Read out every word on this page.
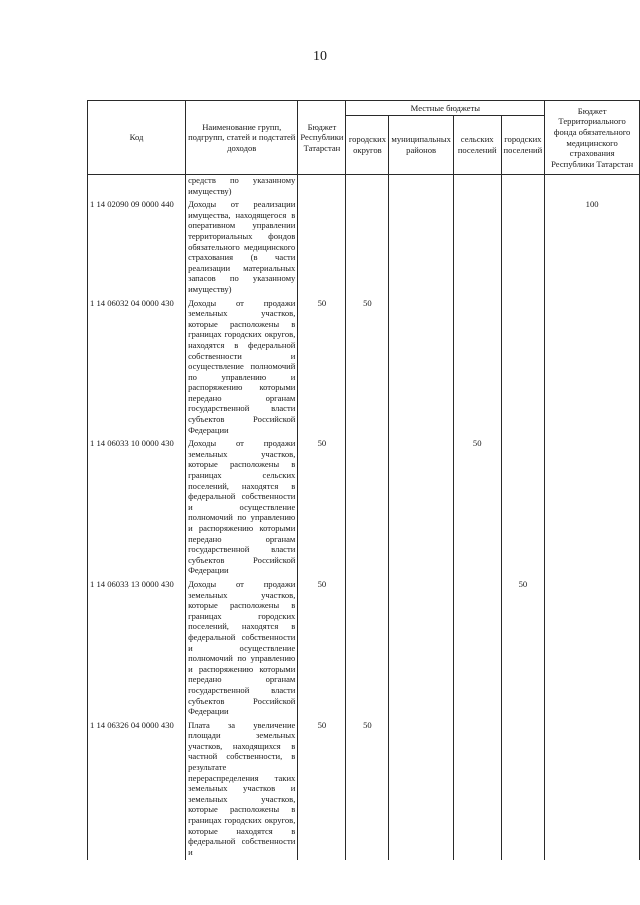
10
Код	Наименование групп, подгрупп, статей и подстатей доходов	Бюджет Республики Татарстан	Местные бюджеты				Бюджет Территориального фонда обязательного медицинского страхования Республики Татарстан
			городских округов	муниципальных районов	сельских поселений	городских поселений	
	средств по указанному имуществу)						
1 14 02090 09 0000 440	Доходы от реализации имущества, находящегося в оперативном управлении территориальных фондов обязательного медицинского страхования (в части реализации материальных запасов по указанному имуществу)						100
1 14 06032 04 0000 430	Доходы от продажи земельных участков, которые расположены в границах городских округов, находятся в федеральной собственности и осуществление полномочий по управлению и распоряжению которыми передано органам государственной власти субъектов Российской Федерации	50	50				
1 14 06033 10 0000 430	Доходы от продажи земельных участков, которые расположены в границах сельских поселений, находятся в федеральной собственности и осуществление полномочий по управлению и распоряжению которыми передано органам государственной власти субъектов Российской Федерации	50			50		
1 14 06033 13 0000 430	Доходы от продажи земельных участков, которые расположены в границах городских поселений, находятся в федеральной собственности и осуществление полномочий по управлению и распоряжению которыми передано органам государственной власти субъектов Российской Федерации	50				50	
1 14 06326 04 0000 430	Плата за увеличение площади земельных участков, находящихся в частной собственности, в результате перераспределения таких земельных участков и земельных участков, которые расположены в границах городских округов, которые находятся в федеральной собственности и	50	50				
